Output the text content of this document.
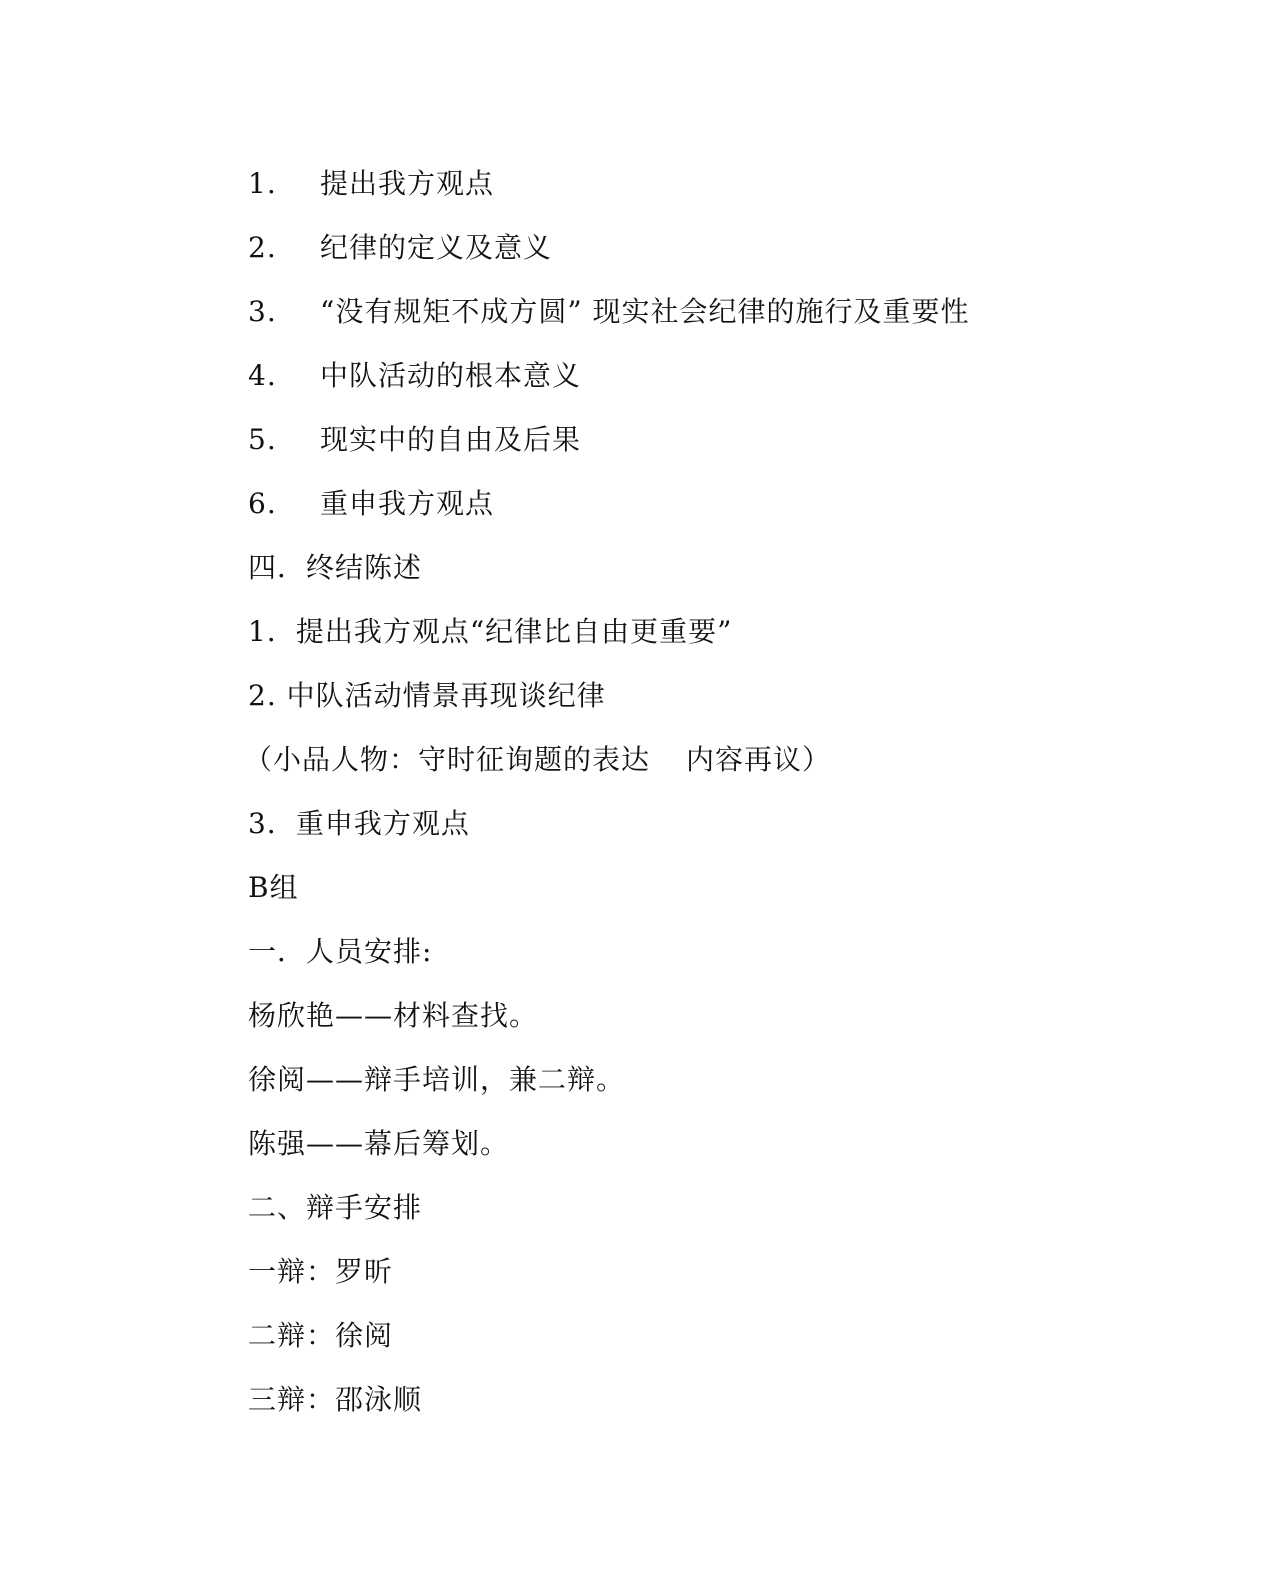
1. 提出我方观点
2. 纪律的定义及意义
3. “没有规矩不成方圆” 现实社会纪律的施行及重要性
4. 中队活动的根本意义
5. 现实中的自由及后果
6. 重申我方观点
四．终结陈述
1．提出我方观点“纪律比自由更重要”
2. 中队活动情景再现谈纪律
（小品人物：守时征询题的表达 内容再议）
3．重申我方观点
B组
一．人员安排:
杨欣艳——材料查找。
徐阅——辩手培训，兼二辩。
陈强——幕后筹划。
二、辩手安排
一辩：罗昕
二辩：徐阅
三辩：邵泳顺
